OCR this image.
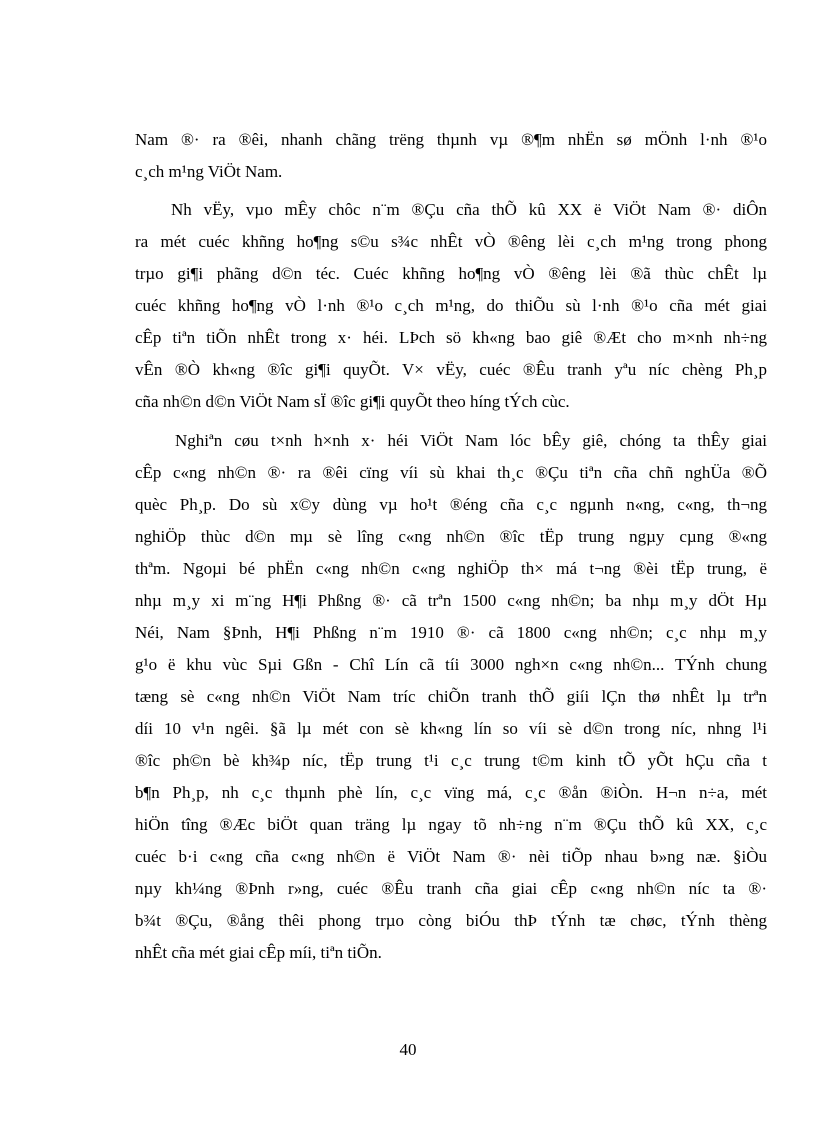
Nam ®· ra ®êi, nhanh chãng trëng thµnh vµ ®¶m nhËn sø mÖnh l·nh ®¹o
c¸ch m¹ng ViÖt Nam.
Nh vËy, vµo mÊy chôc n¨m ®Çu cña thÕ kû XX ë ViÖt Nam ®· diÔn
ra mét cuéc khñng ho¶ng s©u s¾c nhÊt vÒ ®êng lèi c¸ch m¹ng trong phong
trµo gi¶i phãng d©n téc. Cuéc khñng ho¶ng vÒ ®êng lèi ®ã thùc chÊt lµ
cuéc khñng ho¶ng vÒ l·nh ®¹o c¸ch m¹ng, do thiÕu sù l·nh ®¹o cña mét giai
cÊp tiªn tiÕn nhÊt trong x· héi. LÞch sö kh«ng bao giê ®Æt cho m×nh nh÷ng
vÊn ®Ò kh«ng ®îc gi¶i quyÕt. V× vËy, cuéc ®Êu tranh yªu níc chèng Ph¸p
cña nh©n d©n ViÖt Nam sÏ ®îc gi¶i quyÕt theo híng tÝch cùc.
Nghiªn cøu t×nh h×nh x· héi ViÖt Nam lóc bÊy giê, chóng ta thÊy giai
cÊp c«ng nh©n ®· ra ®êi cïng víi sù khai th¸c ®Çu tiªn cña chñ nghÜa ®Õ
quèc Ph¸p. Do sù x©y dùng vµ ho¹t ®éng cña c¸c ngµnh n«ng, c«ng, th¬ng
nghiÖp thùc d©n mµ sè lîng c«ng nh©n ®îc tËp trung ngµy cµng ®«ng
thªm. Ngoµi bé phËn c«ng nh©n c«ng nghiÖp th× má t¬ng ®èi tËp trung, ë
nhµ m¸y xi m¨ng H¶i Phßng ®· cã trªn 1500 c«ng nh©n; ba nhµ m¸y dÖt Hµ
Néi, Nam §Þnh, H¶i Phßng n¨m 1910 ®· cã 1800 c«ng nh©n; c¸c nhµ m¸y
g¹o ë khu vùc Sµi Gßn - Chî Lín cã tíi 3000 ngh×n c«ng nh©n... TÝnh chung
tæng sè c«ng nh©n ViÖt Nam tríc chiÕn tranh thÕ giíi lÇn thø nhÊt lµ trªn
díi 10 v¹n ngêi. §ã lµ mét con sè kh«ng lín so víi sè d©n trong níc, nhng l¹i
®îc ph©n bè kh¾p níc, tËp trung t¹i c¸c trung t©m kinh tÕ yÕt hÇu cña t
b¶n Ph¸p, nh c¸c thµnh phè lín, c¸c vïng má, c¸c ®ån ®iÒn. H¬n n÷a, mét
hiÖn tîng ®Æc biÖt quan träng lµ ngay tõ nh÷ng n¨m ®Çu thÕ kû XX, c¸c
cuéc b·i c«ng cña c«ng nh©n ë ViÖt Nam ®· nèi tiÕp nhau b»ng næ. §iÒu
nµy kh¼ng ®Þnh r»ng, cuéc ®Êu tranh cña giai cÊp c«ng nh©n níc ta ®·
b¾t ®Çu, ®ång thêi phong trµo còng biÓu thÞ tÝnh tæ chøc, tÝnh thèng
nhÊt cña mét giai cÊp míi, tiªn tiÕn.
40
